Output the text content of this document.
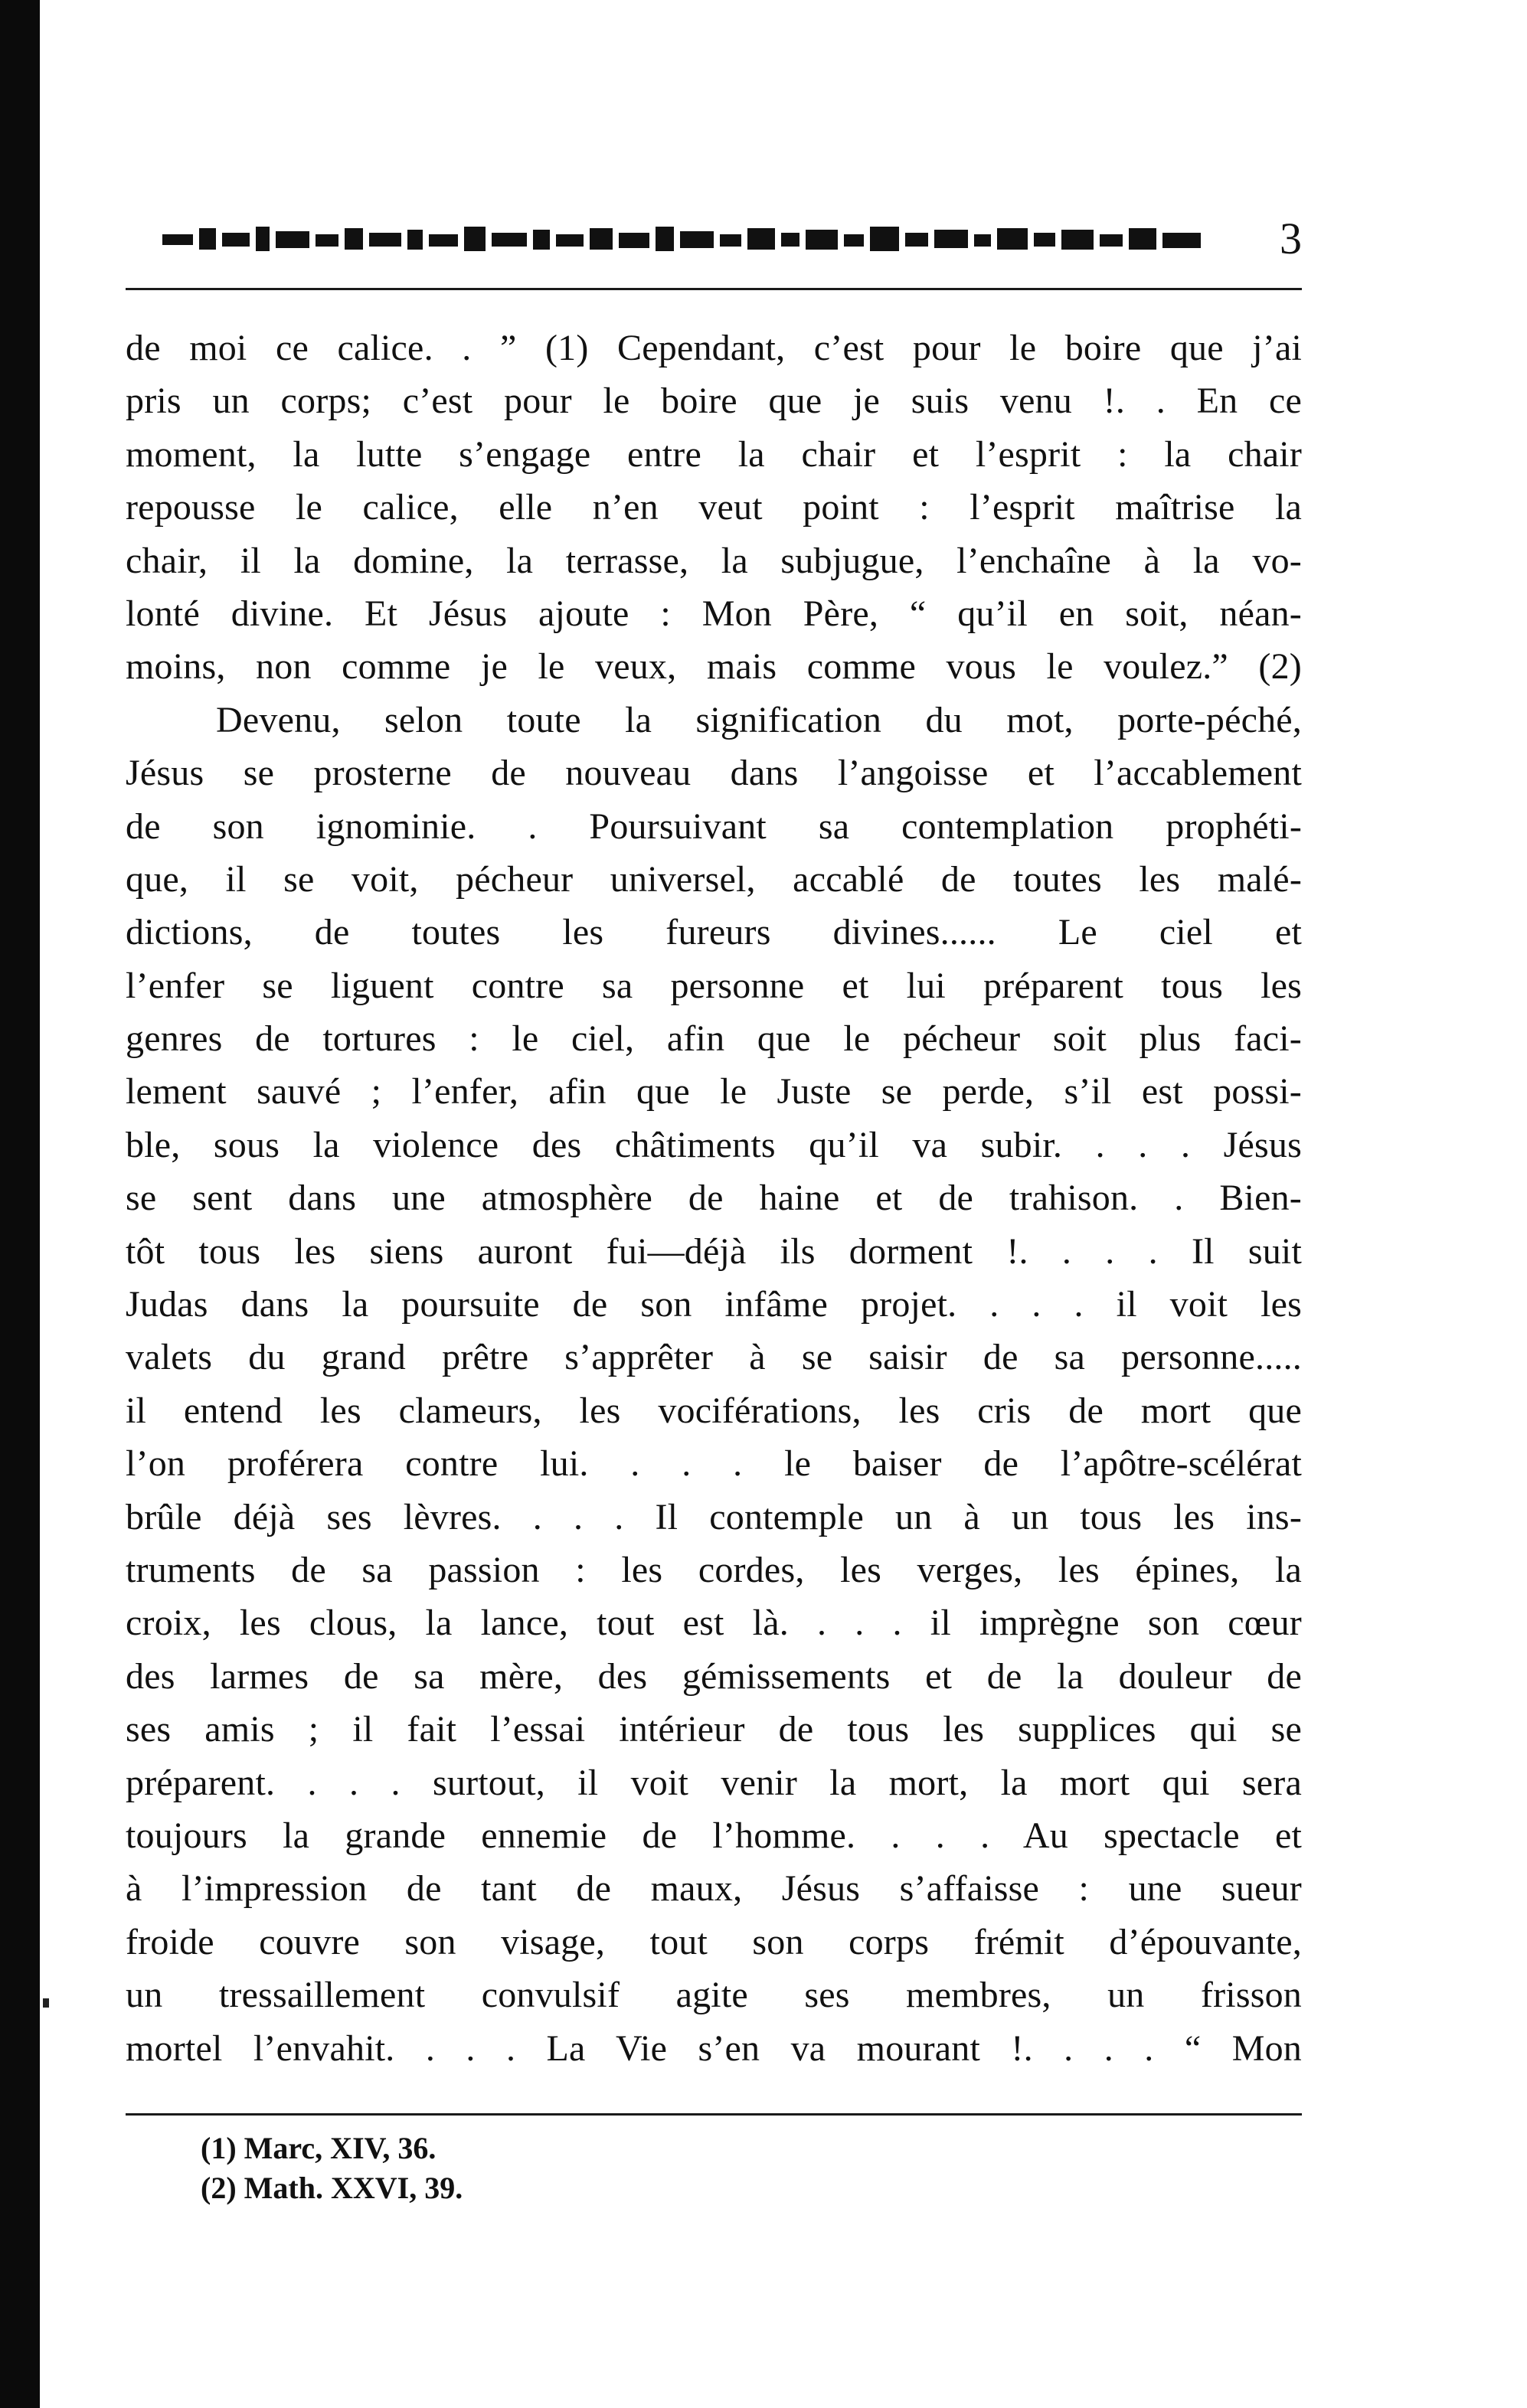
3
de moi ce calice. . ” (1) Cependant, c’est pour le boire que j’ai
pris un corps; c’est pour le boire que je suis venu !. . En ce
moment, la lutte s’engage entre la chair et l’esprit : la chair
repousse le calice, elle n’en veut point : l’esprit maîtrise la
chair, il la domine, la terrasse, la subjugue, l’enchaîne à la vo-
lonté divine. Et Jésus ajoute : Mon Père, “ qu’il en soit, néan-
moins, non comme je le veux, mais comme vous le voulez.” (2)
Devenu, selon toute la signification du mot, porte-péché,
Jésus se prosterne de nouveau dans l’angoisse et l’accablement
de son ignominie. . Poursuivant sa contemplation prophéti-
que, il se voit, pécheur universel, accablé de toutes les malé-
dictions, de toutes les fureurs divines...... Le ciel et
l’enfer se liguent contre sa personne et lui préparent tous les
genres de tortures : le ciel, afin que le pécheur soit plus faci-
lement sauvé ; l’enfer, afin que le Juste se perde, s’il est possi-
ble, sous la violence des châtiments qu’il va subir. . . . Jésus
se sent dans une atmosphère de haine et de trahison. . Bien-
tôt tous les siens auront fui—déjà ils dorment !. . . . Il suit
Judas dans la poursuite de son infâme projet. . . . il voit les
valets du grand prêtre s’apprêter à se saisir de sa personne.....
il entend les clameurs, les vociférations, les cris de mort que
l’on proférera contre lui. . . . le baiser de l’apôtre-scélérat
brûle déjà ses lèvres. . . . Il contemple un à un tous les ins-
truments de sa passion : les cordes, les verges, les épines, la
croix, les clous, la lance, tout est là. . . . il imprègne son cœur
des larmes de sa mère, des gémissements et de la douleur de
ses amis ; il fait l’essai intérieur de tous les supplices qui se
préparent. . . . surtout, il voit venir la mort, la mort qui sera
toujours la grande ennemie de l’homme. . . . Au spectacle et
à l’impression de tant de maux, Jésus s’affaisse : une sueur
froide couvre son visage, tout son corps frémit d’épouvante,
un tressaillement convulsif agite ses membres, un frisson
mortel l’envahit. . . . La Vie s’en va mourant !. . . . “ Mon
(1) Marc, XIV, 36.
(2) Math. XXVI, 39.
